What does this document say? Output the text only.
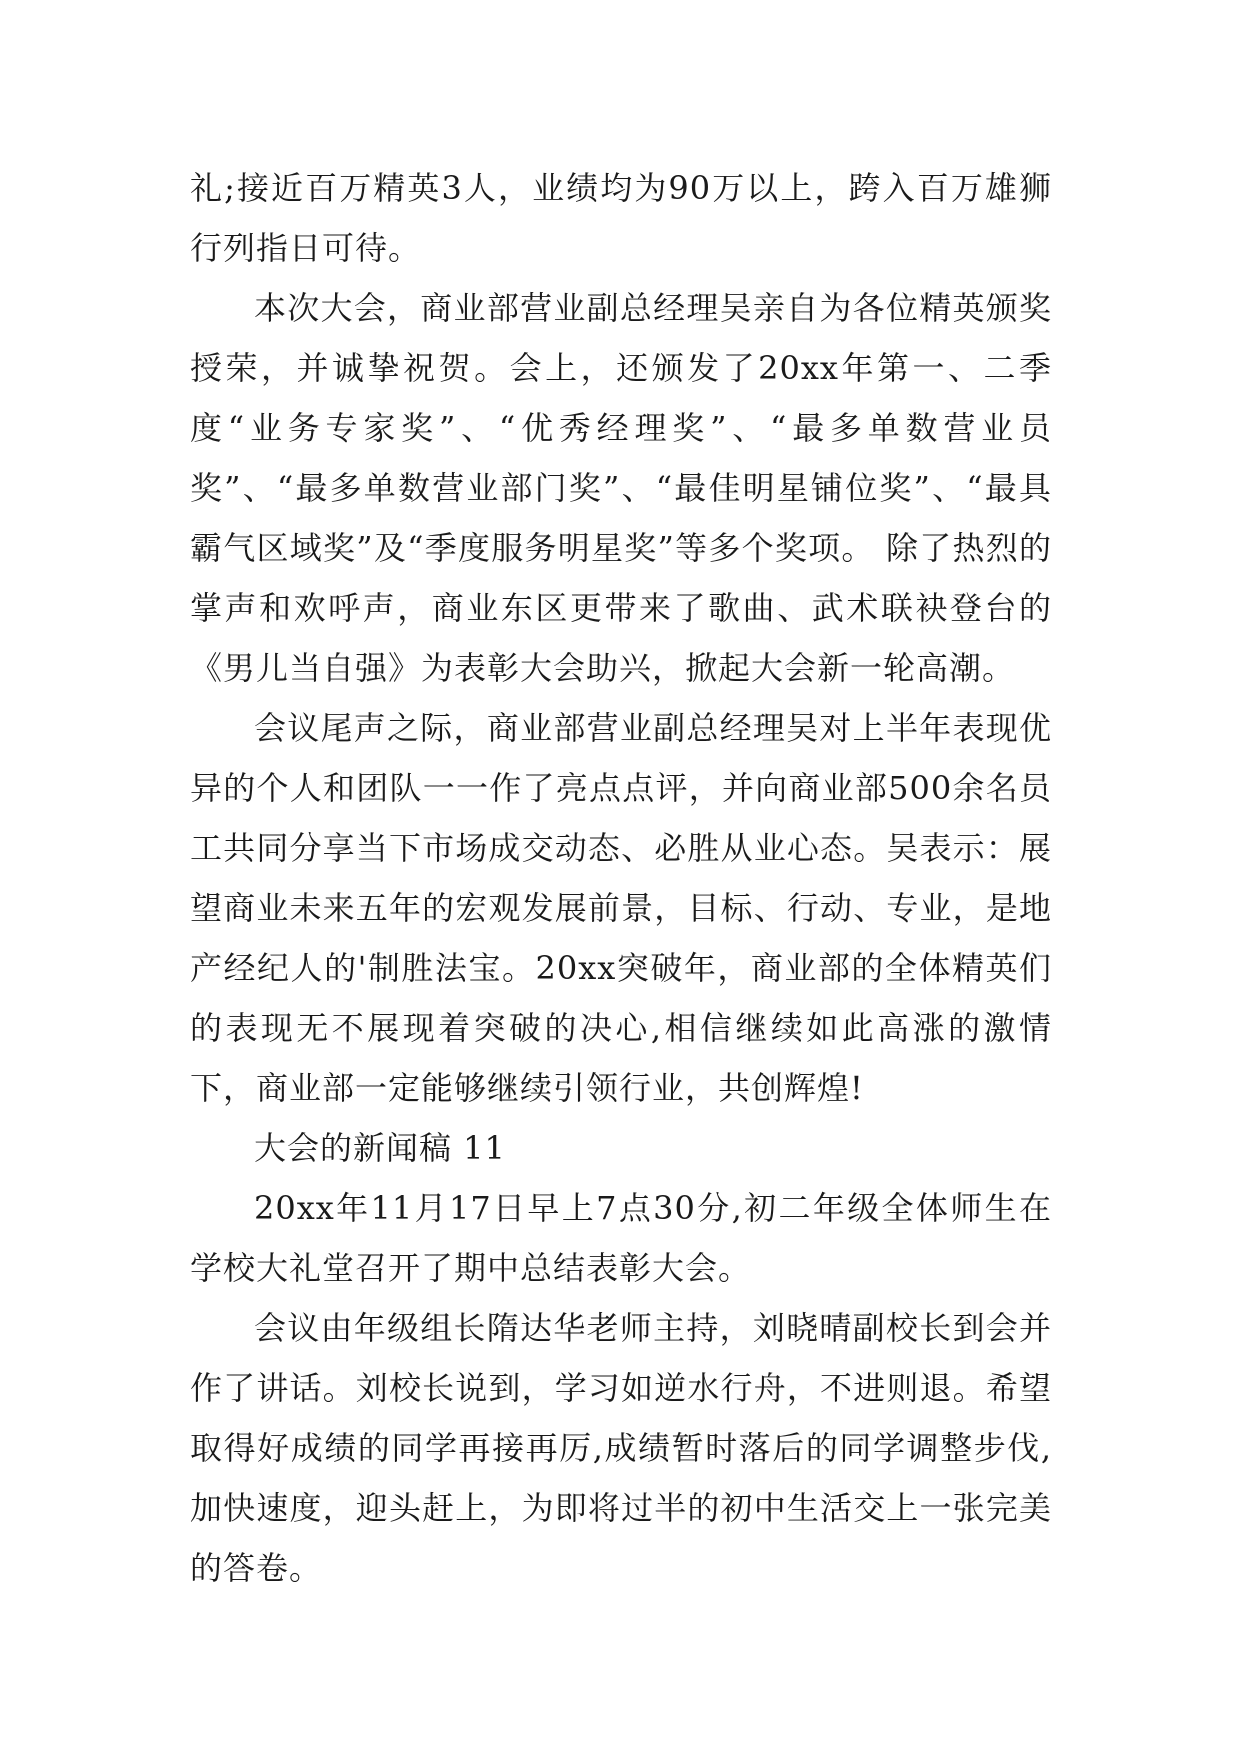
礼;接近百万精英3人，业绩均为90万以上，跨入百万雄狮行列指日可待。

本次大会，商业部营业副总经理吴亲自为各位精英颁奖授荣，并诚挚祝贺。会上，还颁发了20xx年第一、二季度“业务专家奖”、“优秀经理奖”、“最多单数营业员奖”、“最多单数营业部门奖”、“最佳明星铺位奖”、“最具霸气区域奖”及“季度服务明星奖”等多个奖项。 除了热烈的掌声和欢呼声，商业东区更带来了歌曲、武术联袂登台的《男儿当自强》为表彰大会助兴，掀起大会新一轮高潮。

会议尾声之际，商业部营业副总经理吴对上半年表现优异的个人和团队一一作了亮点点评，并向商业部500余名员工共同分享当下市场成交动态、必胜从业心态。吴表示：展望商业未来五年的宏观发展前景，目标、行动、专业，是地产经纪人的'制胜法宝。20xx突破年，商业部的全体精英们的表现无不展现着突破的决心,相信继续如此高涨的激情下，商业部一定能够继续引领行业，共创辉煌!

大会的新闻稿 11

20xx年11月17日早上7点30分,初二年级全体师生在学校大礼堂召开了期中总结表彰大会。

会议由年级组长隋达华老师主持，刘晓晴副校长到会并作了讲话。刘校长说到，学习如逆水行舟，不进则退。希望取得好成绩的同学再接再厉,成绩暂时落后的同学调整步伐,加快速度，迎头赶上，为即将过半的初中生活交上一张完美的答卷。
